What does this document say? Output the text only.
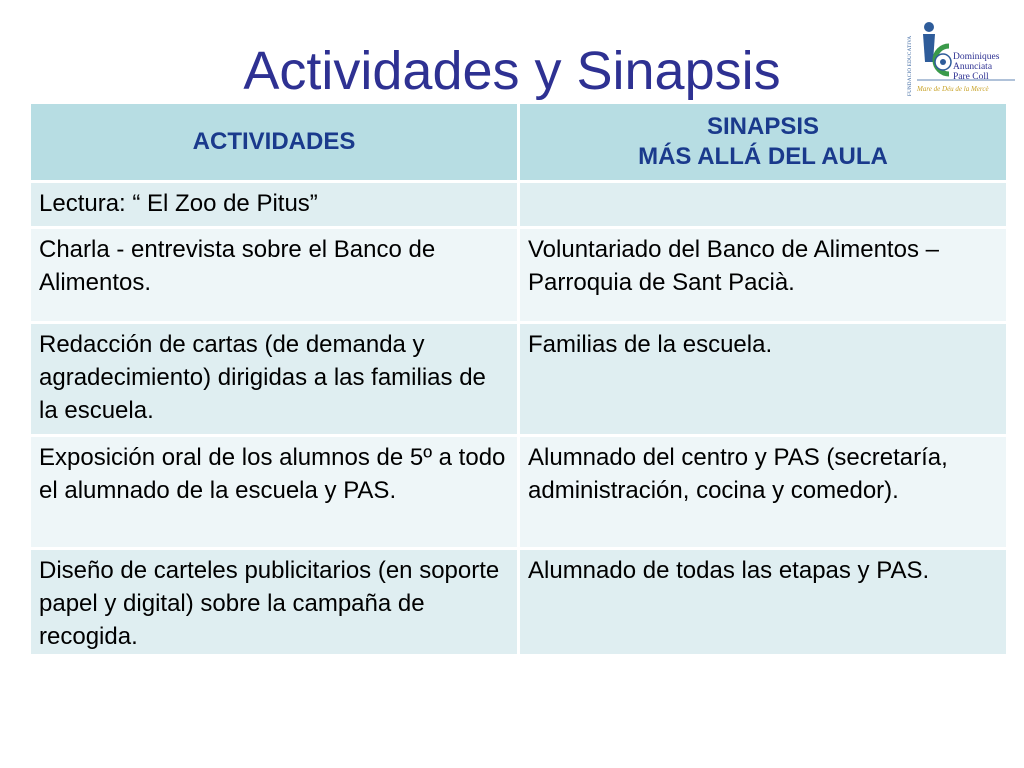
Actividades y Sinapsis	FUNDACIÓ EDUCATIVA	Dominiques
Anunciata
Pare Coll
Mare de Déu de la Mercè
ACTIVIDADES	SINAPSIS
MÁS ALLÁ DEL AULA

Lectura: “ El Zoo de Pitus”	
Charla - entrevista sobre el Banco de Alimentos.	Voluntariado del Banco de Alimentos – Parroquia de Sant Pacià.
Redacción de cartas (de demanda y agradecimiento) dirigidas a las familias de la escuela.	Familias de la escuela.
Exposición oral de los alumnos de 5º a todo el alumnado de la escuela y PAS.	Alumnado del centro y PAS (secretaría, administración, cocina y comedor).
Diseño de carteles publicitarios (en soporte papel y digital) sobre la campaña de recogida.	Alumnado de todas las etapas y PAS.
